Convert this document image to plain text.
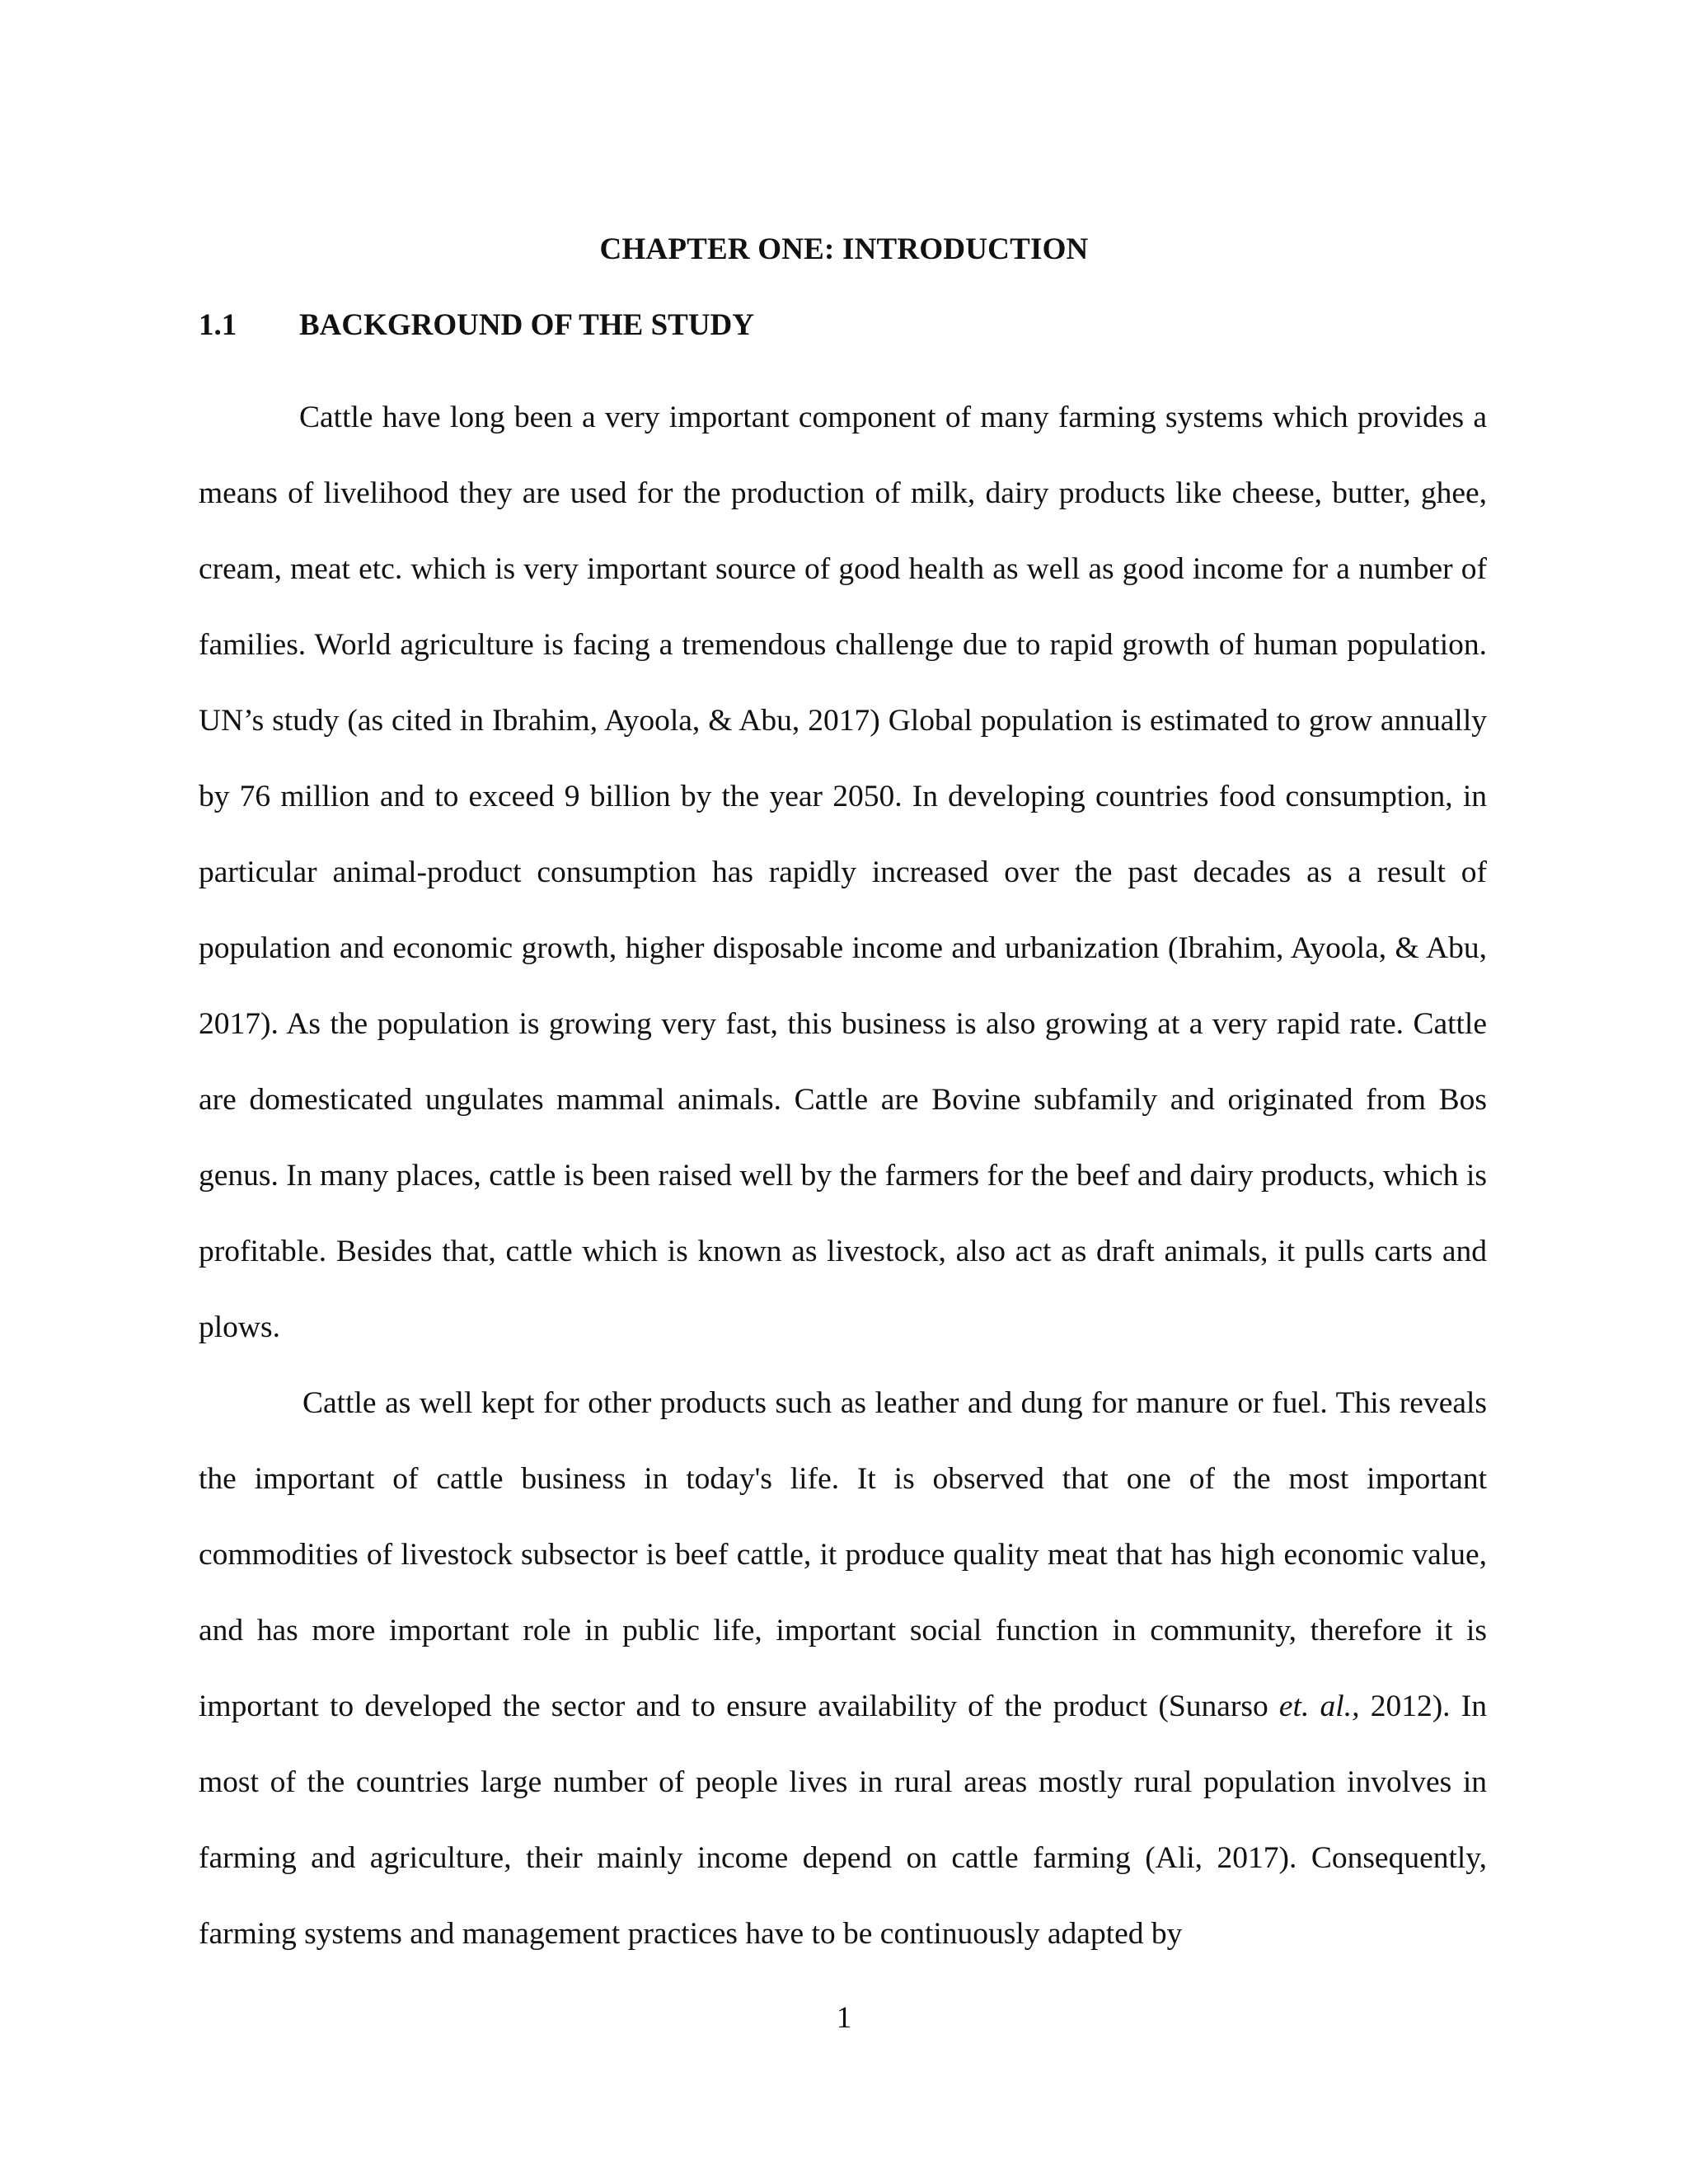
CHAPTER ONE: INTRODUCTION
1.1 BACKGROUND OF THE STUDY

Cattle have long been a very important component of many farming systems which provides a means of livelihood they are used for the production of milk, dairy products like cheese, butter, ghee, cream, meat etc. which is very important source of good health as well as good income for a number of families. World agriculture is facing a tremendous challenge due to rapid growth of human population. UN’s study (as cited in Ibrahim, Ayoola, & Abu, 2017) Global population is estimated to grow annually by 76 million and to exceed 9 billion by the year 2050. In developing countries food consumption, in particular animal-product consumption has rapidly increased over the past decades as a result of population and economic growth, higher disposable income and urbanization (Ibrahim, Ayoola, & Abu, 2017). As the population is growing very fast, this business is also growing at a very rapid rate. Cattle are domesticated ungulates mammal animals. Cattle are Bovine subfamily and originated from Bos genus. In many places, cattle is been raised well by the farmers for the beef and dairy products, which is profitable. Besides that, cattle which is known as livestock, also act as draft animals, it pulls carts and plows.

Cattle as well kept for other products such as leather and dung for manure or fuel. This reveals the important of cattle business in today's life. It is observed that one of the most important commodities of livestock subsector is beef cattle, it produce quality meat that has high economic value, and has more important role in public life, important social function in community, therefore it is important to developed the sector and to ensure availability of the product (Sunarso et. al., 2012). In most of the countries large number of people lives in rural areas mostly rural population involves in farming and agriculture, their mainly income depend on cattle farming (Ali, 2017). Consequently, farming systems and management practices have to be continuously adapted by

1
